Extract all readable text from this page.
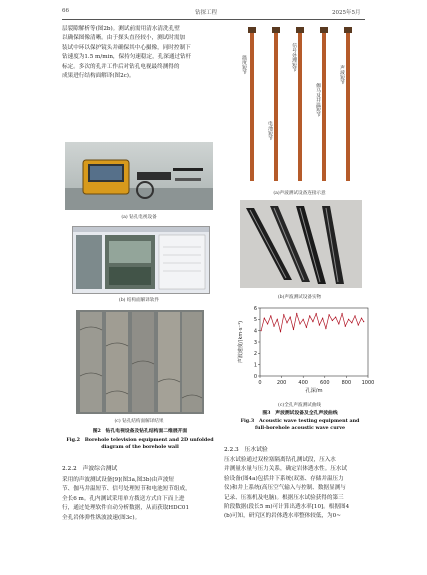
66	钻探工程	2025年5月

层裂隙解析等(图2b)。测试前需用清水清洗孔壁

以确保图像清晰。由于探头直径较小，测试时需加

装试中环以保护镜头并确保其中心摄像，同时控制下

钻速度为1.5 m/min，保持匀速稳定，孔深通过钻杆

标定。多次的孔并工作后对钻孔电视最终测得的

成果进行结构面解译(图2c)。

(a) 钻孔电视设备
(b) 结构面解译软件
(c) 钻孔结构面解译结果
图2　钻孔电视设备及钻孔结构面二维展开面
Fig.2　Borehole television equipment and 2D unfolded
diagram of the borehole wall
2.2.2　声波综合测试

采用的声波测试设备[9](图3a,图3b)由声波短

节、伽马井温短节、信号处理短节和电池短节组成，

全长6 m。孔内测试采用单方拨送方式自下而上进

行，通过处理软件自动分析数据，从而获取HDC01

全孔岩体弹性纵波波速(图3c)。

温度短节
电池短节
信号处理短节
伽马及井温短节
声波短节
(a)声波测试设备连接示意
(b)声波测试设备实物
0	200 400 600 800 1000
0
1
2
3
4
5
6
孔深/m
声波速度/(km·s⁻¹)
(c)全孔声波测试曲线
图3　声波测试设备及全孔声波曲线
Fig.3　Acoustic wave testing equipment and
full-borehole acoustic wave curve
2.2.3　压水试验

压水试验通过双栓塞隔离钻孔测试段，压入水

并测量水量与压力关系，确定岩体透水性。压水试

验设备(图4a)包括井下系统(双塞、存储并温压力

仪)和井上系统(高压空气输入与控制、数据显测与

记录、压塞机及电脑)。根据压水试验获得的第三

阶段数据(段长5 m)可计算出透水率[10]。根据图4

(b)可知，研究区的岩体透水率整体较低，为0~
